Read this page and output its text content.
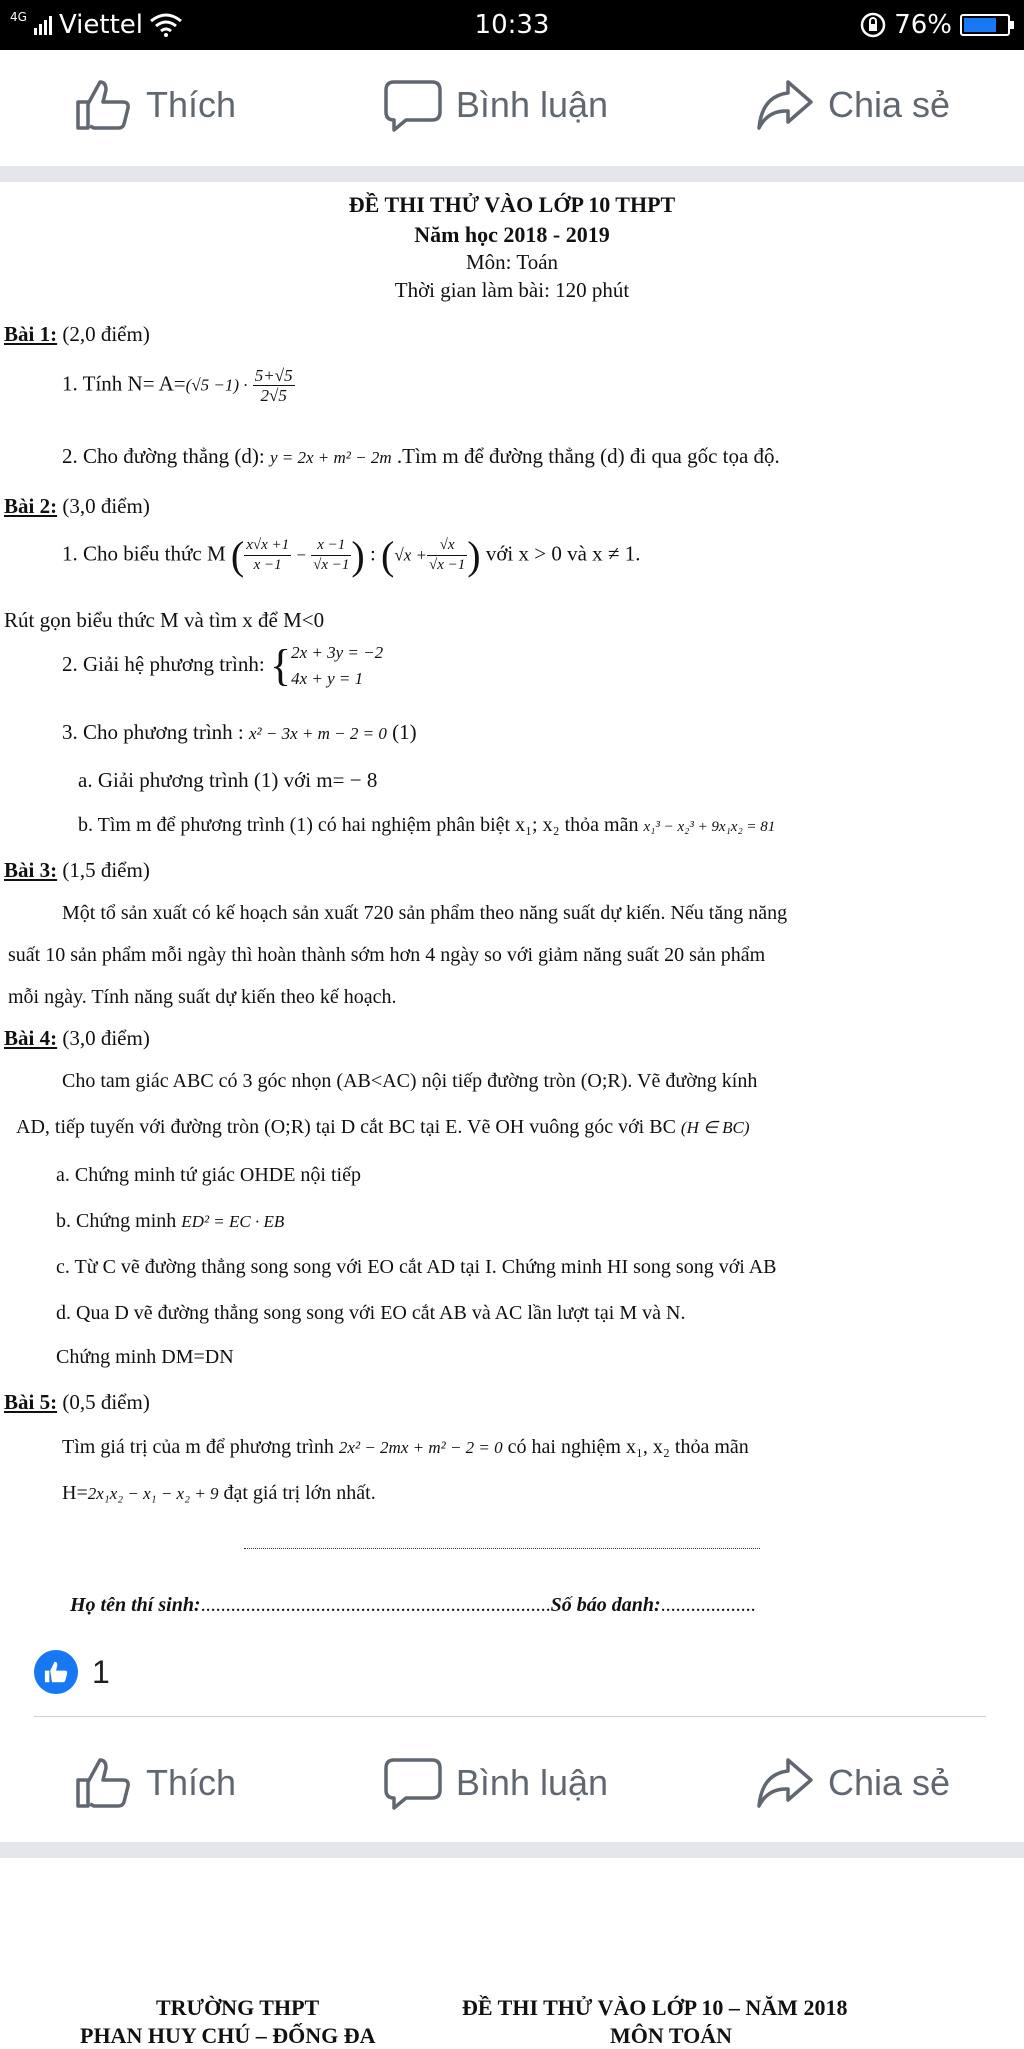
4G Viettel	10:33	76%
Thích	Bình luận	Chia sẻ
ĐỀ THI THỬ VÀO LỚP 10 THPT
Năm học 2018 - 2019
Môn: Toán
Thời gian làm bài: 120 phút
Bài 1: (2,0 điểm)
1. Tính $N= A=(√5 -1) \cdot \frac{5+√5}{2√5}$
2. Cho đường thẳng (d): y = 2x + m² − 2m .Tìm m để đường thẳng (d) đi qua gốc tọa độ.
Bài 2: (3,0 điểm)
1. Cho biểu thức M ( $\frac{x√x +1}{x -1} - \frac{x -1}{√x -1}$ ) : ($√x + \frac{√x}{√x -1}$ ) với x > 0 và x ≠ 1.
Rút gọn biểu thức M và tìm x để M<0
2. Giải hệ phương trình: { 2x + 3y = −2
4x + y = 1
3. Cho phương trình : x² − 3x + m − 2 = 0 (1)
a. Giải phương trình (1) với m= − 8
b. Tìm m để phương trình (1) có hai nghiệm phân biệt x₁; x₂ thỏa mãn x₁³ − x₂³ + 9x₁x₂ = 81
Bài 3: (1,5 điểm)
Một tổ sản xuất có kế hoạch sản xuất 720 sản phẩm theo năng suất dự kiến. Nếu tăng năng
suất 10 sản phẩm mỗi ngày thì hoàn thành sớm hơn 4 ngày so với giảm năng suất 20 sản phẩm
mỗi ngày. Tính năng suất dự kiến theo kế hoạch.
Bài 4: (3,0 điểm)
Cho tam giác ABC có 3 góc nhọn (AB<AC) nội tiếp đường tròn (O;R). Vẽ đường kính
AD, tiếp tuyến với đường tròn (O;R) tại D cắt BC tại E. Vẽ OH vuông góc với BC (H ∈ BC)
a. Chứng minh tứ giác OHDE nội tiếp
b. Chứng minh ED² = EC · EB
c. Từ C vẽ đường thẳng song song với EO cắt AD tại I. Chứng minh HI song song với AB
d. Qua D vẽ đường thẳng song song với EO cắt AB và AC lần lượt tại M và N.
Chứng minh DM=DN
Bài 5: (0,5 điểm)
Tìm giá trị của m để phương trình 2x² − 2mx + m² − 2 = 0 có hai nghiệm x₁, x₂ thỏa mãn
H=2x₁x₂ − x₁ − x₂ + 9 đạt giá trị lớn nhất.
Họ tên thí sinh:......................................................................Số báo danh:...................
1
Thích	Bình luận	Chia sẻ
TRƯỜNG THPT
PHAN HUY CHÚ – ĐỐNG ĐA
ĐỀ THI THỬ VÀO LỚP 10 – NĂM 2018
MÔN TOÁN
